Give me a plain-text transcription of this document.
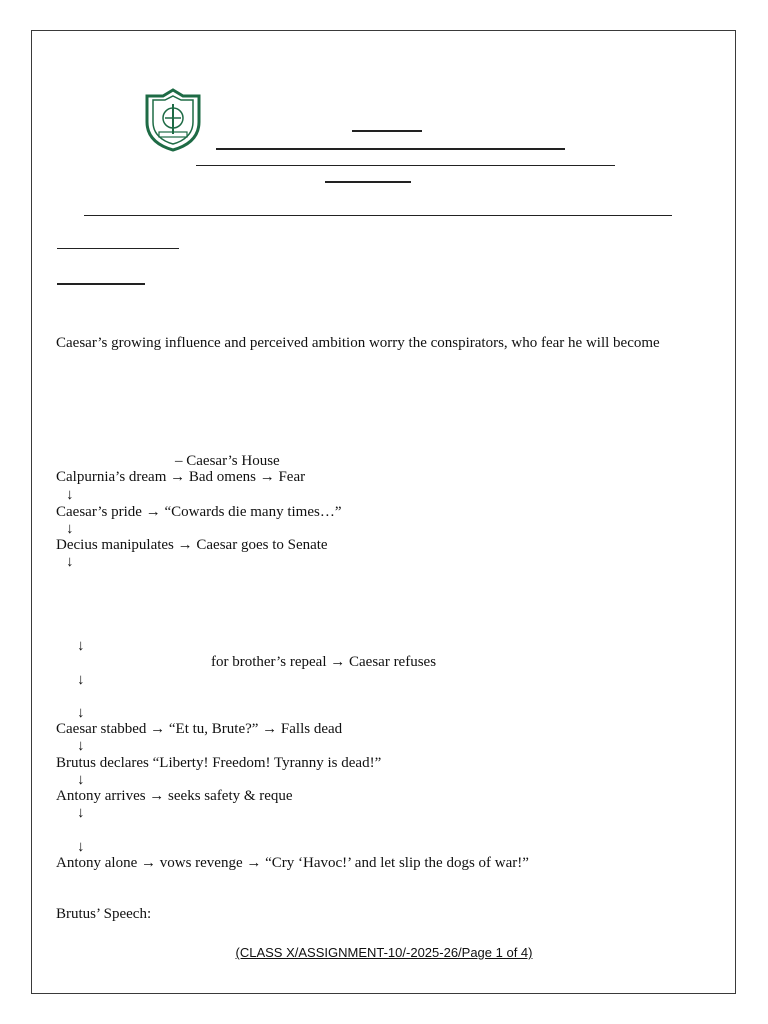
Caesar’s growing influence and perceived ambition worry the conspirators, who fear he will become
– Caesar’s House
Calpurnia’s dream → Bad omens → Fear
↓
Caesar’s pride → “Cowards die many times…”
↓
Decius manipulates → Caesar goes to Senate
↓
↓
for brother’s repeal → Caesar refuses
↓
↓
Caesar stabbed → “Et tu, Brute?” → Falls dead
↓
Brutus declares “Liberty! Freedom! Tyranny is dead!”
↓
Antony arrives → seeks safety & reque
↓
↓
Antony alone → vows revenge → “Cry ‘Havoc!’ and let slip the dogs of war!”
Brutus’ Speech:
(CLASS X/ASSIGNMENT-10/-2025-26/Page 1 of 4)
